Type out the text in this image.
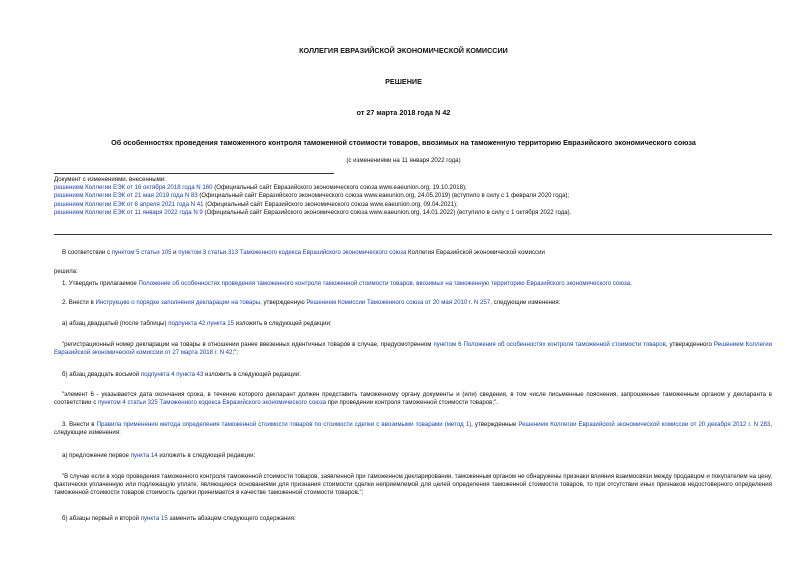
КОЛЛЕГИЯ ЕВРАЗИЙСКОЙ ЭКОНОМИЧЕСКОЙ КОМИССИИ
РЕШЕНИЕ
от 27 марта 2018 года N 42
Об особенностях проведения таможенного контроля таможенной стоимости товаров, ввозимых на таможенную территорию Евразийского экономического союза
(с изменениями на 11 января 2022 года)
Документ с изменениями, внесенными:
решением Коллегии ЕЭК от 16 октября 2018 года N 160 (Официальный сайт Евразийского экономического союза www.eaeunion.org, 19.10.2018);
решением Коллегии ЕЭК от 21 мая 2019 года N 83 (Официальный сайт Евразийского экономического союза www.eaeunion.org, 24.05.2019) (вступило в силу с 1 февраля 2020 года);
решением Коллегии ЕЭК от 6 апреля 2021 года N 41 (Официальный сайт Евразийского экономического союза www.eaeunion.org, 09.04.2021);
решением Коллегии ЕЭК от 11 января 2022 года N 9 (Официальный сайт Евразийского экономического союза www.eaeunion.org, 14.01.2022) (вступило в силу с 1 октября 2022 года).
В соответствии с пунктом 5 статьи 105 и пунктом 3 статьи 313 Таможенного кодекса Евразийского экономического союза Коллегия Евразийской экономической комиссии
решила:
1. Утвердить прилагаемое Положение об особенностях проведения таможенного контроля таможенной стоимости товаров, ввозимых на таможенную территорию Евразийского экономического союза.
2. Внести в Инструкцию о порядке заполнения декларации на товары, утвержденную Решением Комиссии Таможенного союза от 20 мая 2010 г. N 257, следующие изменения:
а) абзац двадцатый (после таблицы) подпункта 42 пункта 15 изложить в следующей редакции:
"регистрационный номер декларации на товары в отношении ранее ввезенных идентичных товаров в случае, предусмотренном пунктом 6 Положения об особенностях контроля таможенной стоимости товаров, утвержденного Решением Коллегии Евразийской экономической комиссии от 27 марта 2018 г. N 42;";
б) абзац двадцать восьмой подпункта 4 пункта 43 изложить в следующей редакции:
"элемент 6 - указывается дата окончания срока, в течение которого декларант должен представить таможенному органу документы и (или) сведения, в том числе письменные пояснения, запрошенные таможенным органом у декларанта в соответствии с пунктом 4 статьи 325 Таможенного кодекса Евразийского экономического союза при проведении контроля таможенной стоимости товаров;".
3. Внести в Правила применения метода определения таможенной стоимости товаров по стоимости сделки с ввозимыми товарами (метод 1), утвержденные Решением Коллегии Евразийской экономической комиссии от 20 декабря 2012 г. N 283, следующие изменения:
а) предложение первое пункта 14 изложить в следующей редакции:
"В случае если в ходе проведения таможенного контроля таможенной стоимости товаров, заявленной при таможенном декларировании, таможенным органом не обнаружены признаки влияния взаимосвязи между продавцом и покупателем на цену, фактически уплаченную или подлежащую уплате, являющиеся основаниями для признания стоимости сделки неприемлемой для целей определения таможенной стоимости товаров, то при отсутствии иных признаков недостоверного определения таможенной стоимости товаров стоимость сделки принимается в качестве таможенной стоимости товаров.";
б) абзацы первый и второй пункта 15 заменить абзацем следующего содержания:
